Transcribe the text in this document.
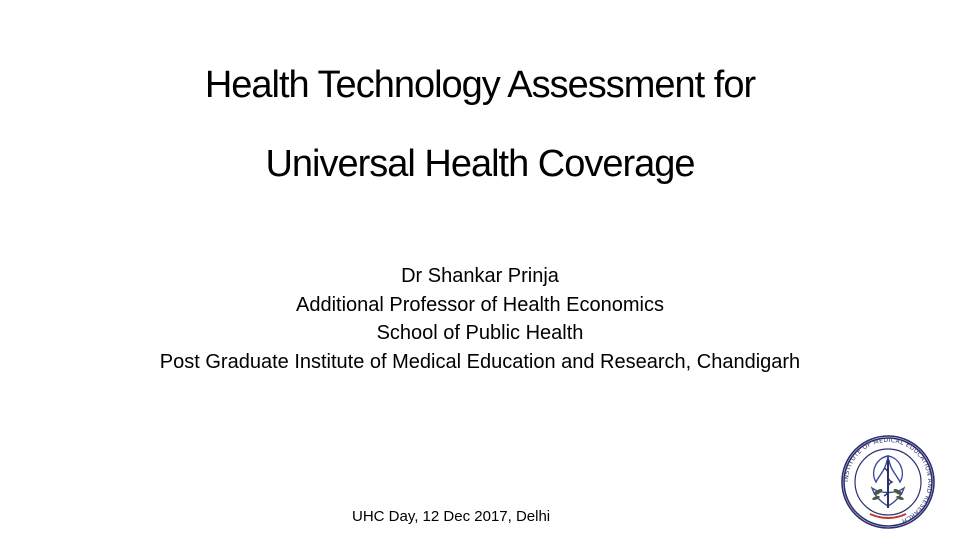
Health Technology Assessment for
Universal Health Coverage
Dr Shankar Prinja
Additional Professor of Health Economics
School of Public Health
Post Graduate Institute of Medical Education and Research, Chandigarh
UHC Day, 12 Dec 2017, Delhi
INSTITUTE OF MEDICAL EDUCATION AND RESEARCH
